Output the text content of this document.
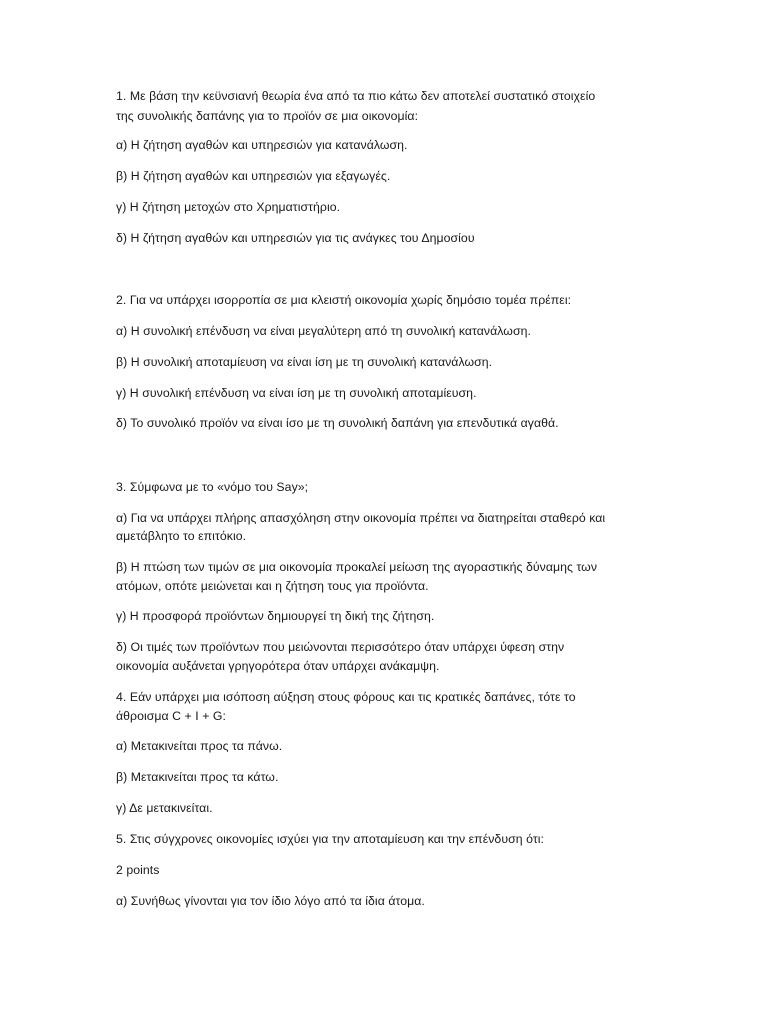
1. Με βάση την κεϋνσιανή θεωρία ένα από τα πιο κάτω δεν αποτελεί συστατικό στοιχείο
της συνολικής δαπάνης για το προϊόν σε μια οικονομία:
α) Η ζήτηση αγαθών και υπηρεσιών για κατανάλωση.
β) Η ζήτηση αγαθών και υπηρεσιών για εξαγωγές.
γ) Η ζήτηση μετοχών στο Χρηματιστήριο.
δ) Η ζήτηση αγαθών και υπηρεσιών για τις ανάγκες του Δημοσίου
2. Για να υπάρχει ισορροπία σε μια κλειστή οικονομία χωρίς δημόσιο τομέα πρέπει:
α) Η συνολική επένδυση να είναι μεγαλύτερη από τη συνολική κατανάλωση.
β) Η συνολική αποταμίευση να είναι ίση με τη συνολική κατανάλωση.
γ) Η συνολική επένδυση να είναι ίση με τη συνολική αποταμίευση.
δ) Το συνολικό προϊόν να είναι ίσο με τη συνολική δαπάνη για επενδυτικά αγαθά.
3. Σύμφωνα με το «νόμο του Say»;
α) Για να υπάρχει πλήρης απασχόληση στην οικονομία πρέπει να διατηρείται σταθερό και
αμετάβλητο το επιτόκιο.
β) Η πτώση των τιμών σε μια οικονομία προκαλεί μείωση της αγοραστικής δύναμης των
ατόμων, οπότε μειώνεται και η ζήτηση τους για προϊόντα.
γ) Η προσφορά προϊόντων δημιουργεί τη δική της ζήτηση.
δ) Οι τιμές των προϊόντων που μειώνονται περισσότερο όταν υπάρχει ύφεση στην
οικονομία αυξάνεται γρηγορότερα όταν υπάρχει ανάκαμψη.
4. Εάν υπάρχει μια ισόποση αύξηση στους φόρους και τις κρατικές δαπάνες, τότε το
άθροισμα C + I + G:
α) Μετακινείται προς τα πάνω.
β) Μετακινείται προς τα κάτω.
γ) Δε μετακινείται.
5. Στις σύγχρονες οικονομίες ισχύει για την αποταμίευση και την επένδυση ότι:
2 points
α) Συνήθως γίνονται για τον ίδιο λόγο από τα ίδια άτομα.
